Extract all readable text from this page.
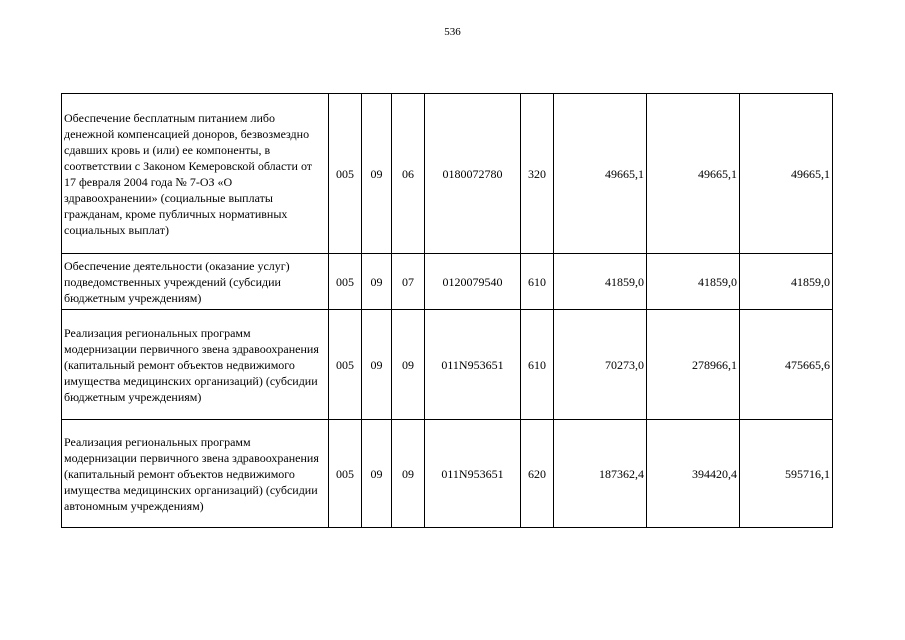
536
Обеспечение бесплатным питанием либо денежной компенсацией доноров, безвозмездно сдавших кровь и (или) ее компоненты, в соответствии с Законом Кемеровской области от 17 февраля 2004 года № 7-ОЗ «О здравоохранении» (социальные выплаты гражданам, кроме публичных нормативных социальных выплат)	005	09	06	0180072780	320	49665,1	49665,1	49665,1
Обеспечение деятельности (оказание услуг) подведомственных учреждений (субсидии бюджетным учреждениям)	005	09	07	0120079540	610	41859,0	41859,0	41859,0
Реализация региональных программ модернизации первичного звена здравоохранения (капитальный ремонт объектов недвижимого имущества медицинских организаций) (субсидии бюджетным учреждениям)	005	09	09	011N953651	610	70273,0	278966,1	475665,6
Реализация региональных программ модернизации первичного звена здравоохранения (капитальный ремонт объектов недвижимого имущества медицинских организаций) (субсидии автономным учреждениям)	005	09	09	011N953651	620	187362,4	394420,4	595716,1
